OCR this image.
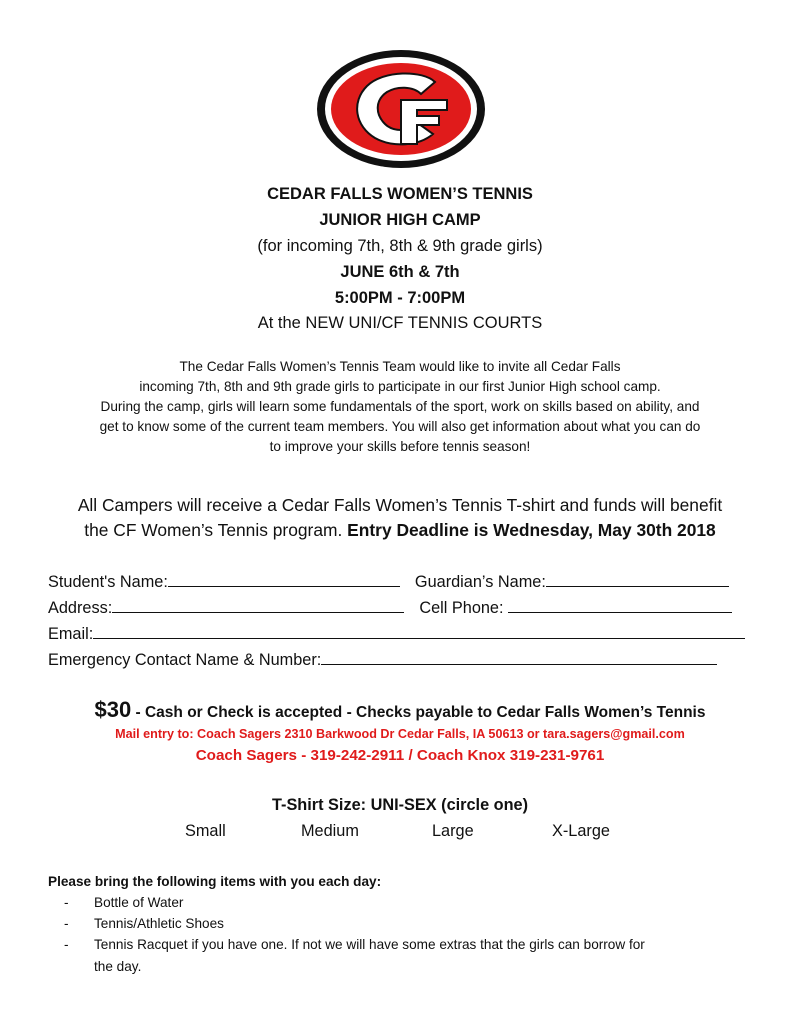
CEDAR FALLS WOMEN’S TENNIS
JUNIOR HIGH CAMP
(for incoming 7th, 8th & 9th grade girls)
JUNE 6th & 7th
5:00PM - 7:00PM
At the NEW UNI/CF TENNIS COURTS
The Cedar Falls Women’s Tennis Team would like to invite all Cedar Falls
incoming 7th, 8th and 9th grade girls to participate in our first Junior High school camp.
During the camp, girls will learn some fundamentals of the sport, work on skills based on ability, and
get to know some of the current team members. You will also get information about what you can do
to improve your skills before tennis season!
All Campers will receive a Cedar Falls Women’s Tennis T-shirt and funds will benefit
the CF Women’s Tennis program. Entry Deadline is Wednesday, May 30th 2018
Student's Name:	Guardian’s Name:
Address:	Cell Phone:
Email:
Emergency Contact Name & Number:
$30 - Cash or Check is accepted - Checks payable to Cedar Falls Women’s Tennis
Mail entry to: Coach Sagers 2310 Barkwood Dr Cedar Falls, IA 50613 or tara.sagers@gmail.com
Coach Sagers - 319-242-2911 / Coach Knox 319-231-9761
T-Shirt Size: UNI-SEX (circle one)
Small	Medium	Large	X-Large
Please bring the following items with you each day:
- Bottle of Water
- Tennis/Athletic Shoes
- Tennis Racquet if you have one. If not we will have some extras that the girls can borrow for
the day.
